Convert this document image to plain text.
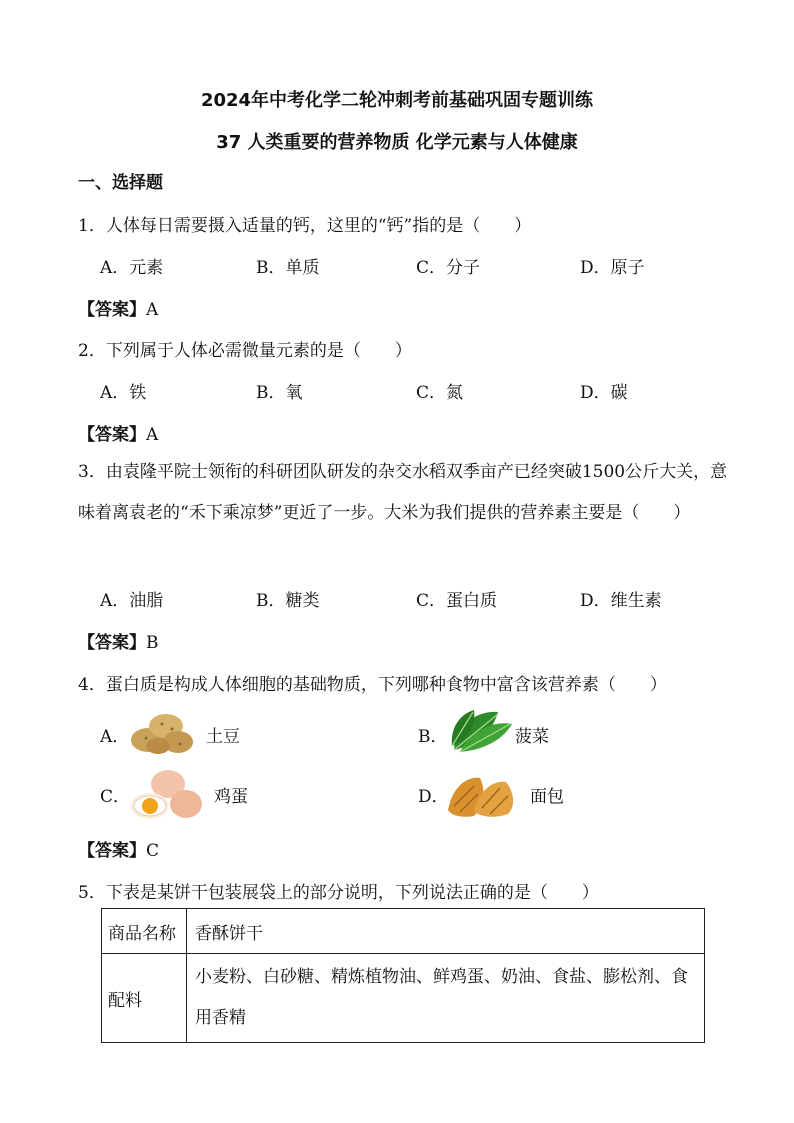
2024年中考化学二轮冲刺考前基础巩固专题训练
37 人类重要的营养物质 化学元素与人体健康
一、选择题
1．人体每日需要摄入适量的钙，这里的“钙”指的是（　　）
A．元素	B．单质	C．分子	D．原子
【答案】A
2．下列属于人体必需微量元素的是（　　）
A．铁	B．氧	C．氮	D．碳
【答案】A
3．由袁隆平院士领衔的科研团队研发的杂交水稻双季亩产已经突破1500公斤大关，意味着离袁老的“禾下乘凉梦”更近了一步。大米为我们提供的营养素主要是（　　）
A．油脂	B．糖类	C．蛋白质	D．维生素
【答案】B
4．蛋白质是构成人体细胞的基础物质，下列哪种食物中富含该营养素（　　）
A．	土豆	B．	菠菜
C．	鸡蛋	D．	面包
【答案】C
5．下表是某饼干包装展袋上的部分说明，下列说法正确的是（　　）
商品名称	香酥饼干
配料	小麦粉、白砂糖、精炼植物油、鲜鸡蛋、奶油、食盐、膨松剂、食用香精
